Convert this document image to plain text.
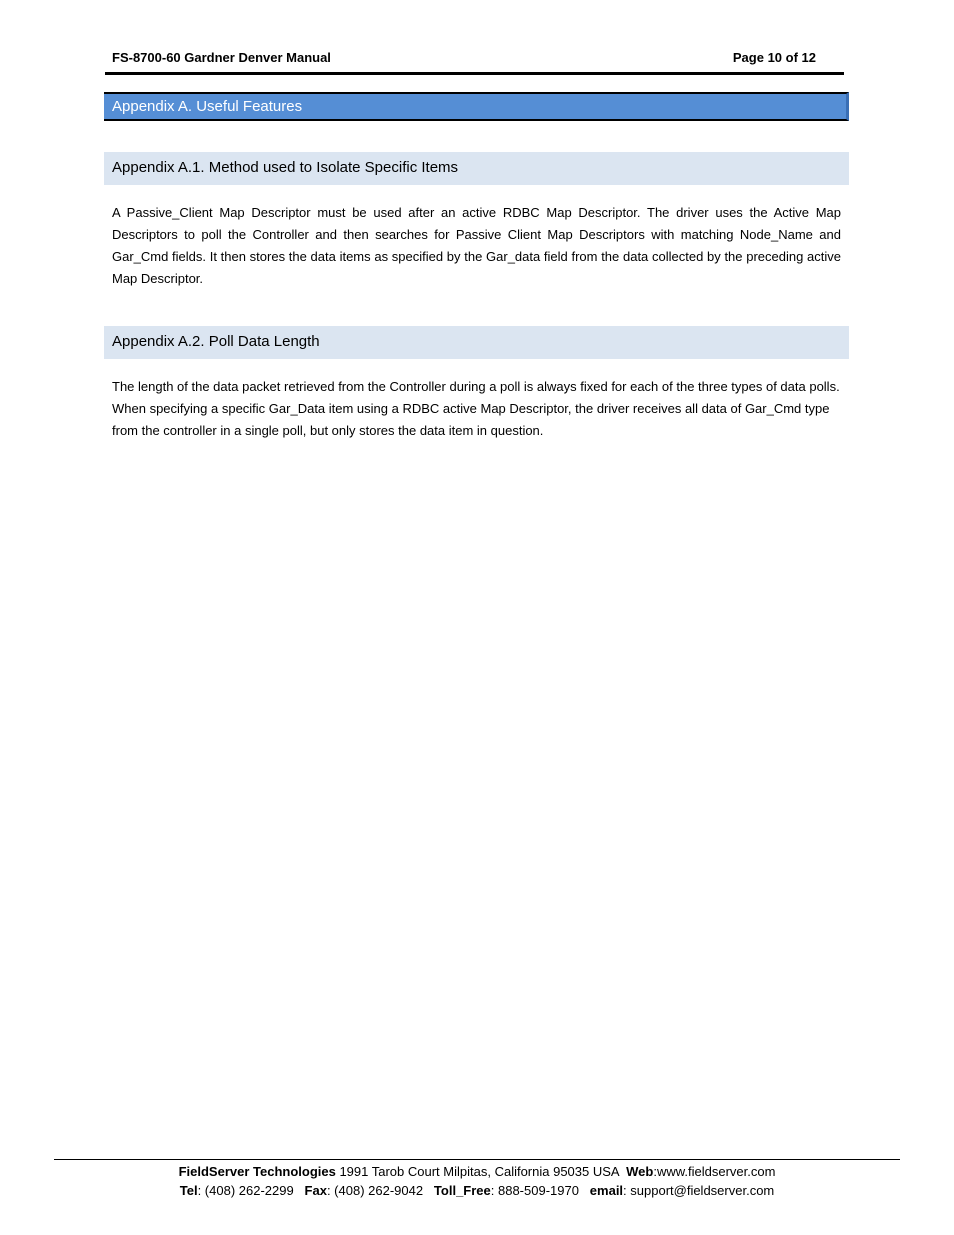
FS-8700-60 Gardner Denver Manual	Page 10 of 12
Appendix A. Useful Features
Appendix A.1. Method used to Isolate Specific Items

A Passive_Client Map Descriptor must be used after an active RDBC Map Descriptor. The driver uses the Active Map Descriptors to poll the Controller and then searches for Passive Client Map Descriptors with matching Node_Name and Gar_Cmd fields. It then stores the data items as specified by the Gar_data field from the data collected by the preceding active Map Descriptor.

Appendix A.2. Poll Data Length

The length of the data packet retrieved from the Controller during a poll is always fixed for each of the three types of data polls. When specifying a specific Gar_Data item using a RDBC active Map Descriptor, the driver receives all data of Gar_Cmd type from the controller in a single poll, but only stores the data item in question.

FieldServer Technologies 1991 Tarob Court Milpitas, California 95035 USA  Web:www.fieldserver.com
Tel: (408) 262-2299   Fax: (408) 262-9042   Toll_Free: 888-509-1970   email: support@fieldserver.com
